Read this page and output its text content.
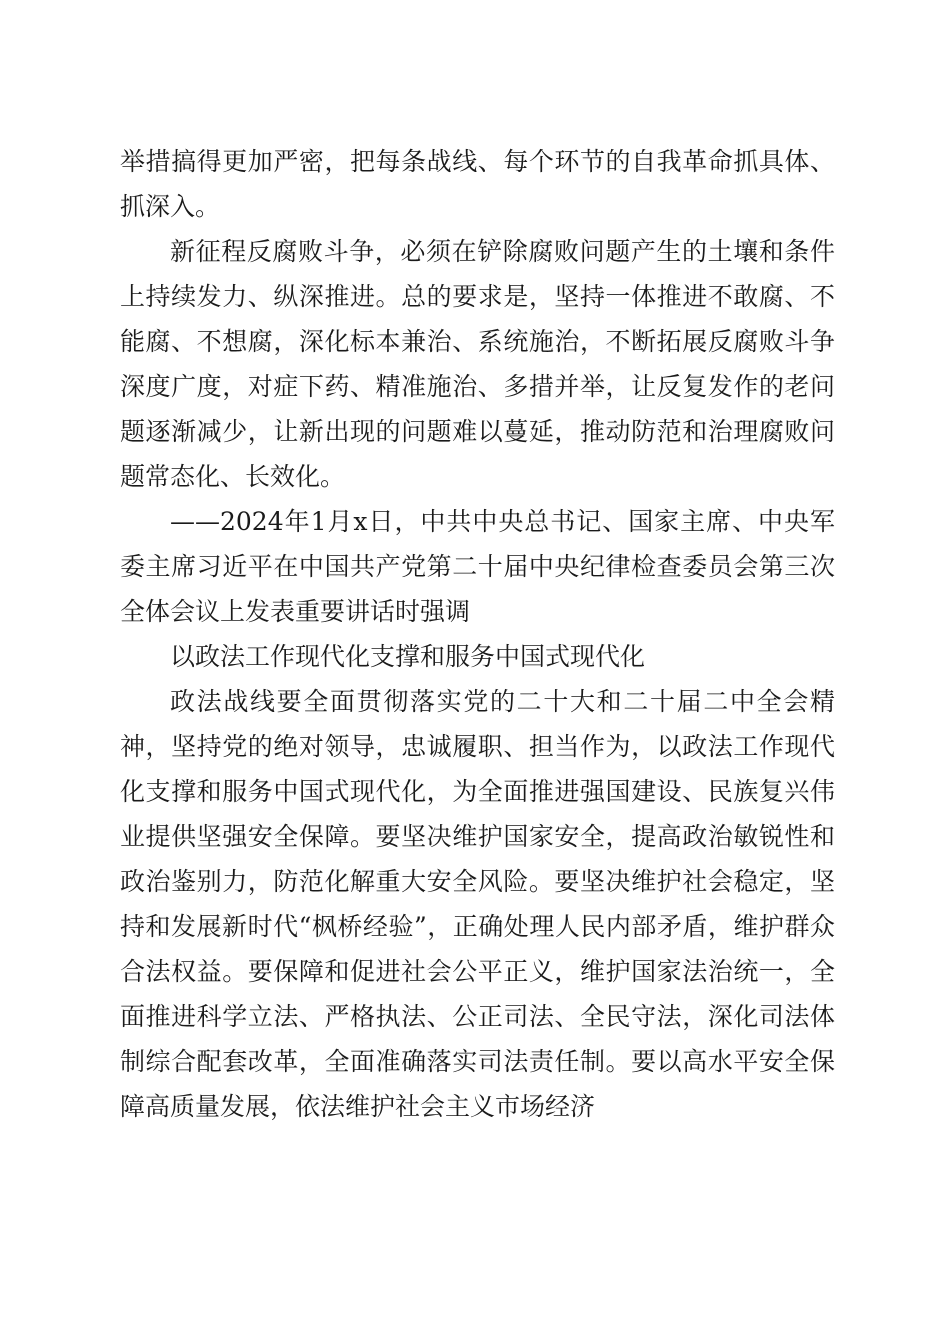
举措搞得更加严密，把每条战线、每个环节的自我革命抓具体、抓深入。

新征程反腐败斗争，必须在铲除腐败问题产生的土壤和条件上持续发力、纵深推进。总的要求是，坚持一体推进不敢腐、不能腐、不想腐，深化标本兼治、系统施治，不断拓展反腐败斗争深度广度，对症下药、精准施治、多措并举，让反复发作的老问题逐渐减少，让新出现的问题难以蔓延，推动防范和治理腐败问题常态化、长效化。

——2024年1月x日，中共中央总书记、国家主席、中央军委主席习近平在中国共产党第二十届中央纪律检查委员会第三次全体会议上发表重要讲话时强调

以政法工作现代化支撑和服务中国式现代化

政法战线要全面贯彻落实党的二十大和二十届二中全会精神，坚持党的绝对领导，忠诚履职、担当作为，以政法工作现代化支撑和服务中国式现代化，为全面推进强国建设、民族复兴伟业提供坚强安全保障。要坚决维护国家安全，提高政治敏锐性和政治鉴别力，防范化解重大安全风险。要坚决维护社会稳定，坚持和发展新时代“枫桥经验”，正确处理人民内部矛盾，维护群众合法权益。要保障和促进社会公平正义，维护国家法治统一，全面推进科学立法、严格执法、公正司法、全民守法，深化司法体制综合配套改革，全面准确落实司法责任制。要以高水平安全保障高质量发展，依法维护社会主义市场经济
